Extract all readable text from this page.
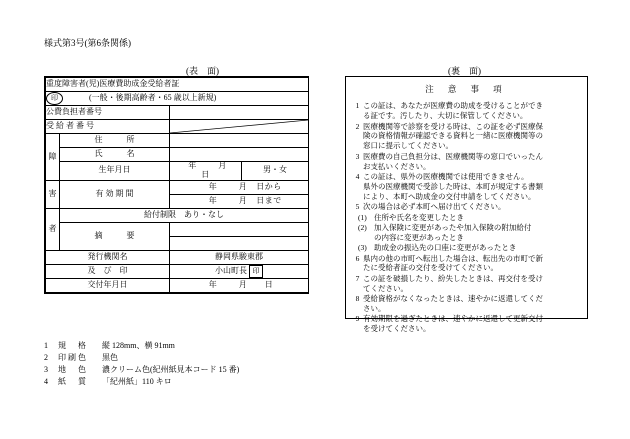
様式第3号(第6条関係)
(表　面)	(裏　面)
重度障害者(児)医療費助成金受給者証			
印 (一般・後期高齢者・65 歳以上新規)			
公費負担者番号			
受 給 者 番 号	

障	住　　　所		
	氏　　　名		
	生年月日	年 月日	男・女
害	有 効 期 間	年 月 日から	
		年 月 日まで	
者	給付制限　あり・なし		
	摘　　　要		

発行機関名		静岡県駿東郡	
及　び　印		小山町長 印	
交付年月日		年 月 日	
注 意 事 項
1 この証は、あなたが医療費の助成を受けることができ
る証です。汚したり、大切に保管してください。
2 医療機関等で診察を受ける時は、この証を必ず医療保
険の資格情報が確認できる資料と一緒に医療機関等の
窓口に提示してください。
3 医療費の自己負担分は、医療機関等の窓口でいったん
お支払いください。
4 この証は、県外の医療機関では使用できません。
県外の医療機関で受診した時は、本町が規定する書類
により、本町へ助成金の交付申請をしてください。
5 次の場合は必ず本町へ届け出てください。
(1) 住所や氏名を変更したとき
(2) 加入保険に変更があったや加入保険の附加給付
の内容に変更があったとき
(3) 助成金の振込先の口座に変更があったとき
6 県内の他の市町へ転出した場合は、転出先の市町で新
たに受給者証の交付を受けてください。
7 この証を破損したり、紛失したときは、再交付を受け
てください。
8 受給資格がなくなったときは、速やかに返還してくだ
さい。
9 有効期限を過ぎたときは、速やかに返還して更新交付
を受けてください。
1	規　格	縦 128mm、横 91mm
2	印刷色	黒色
3	地　色	濃クリーム色(紀州紙見本コード 15 番)
4	紙　質	「紀州紙」110 キロ
